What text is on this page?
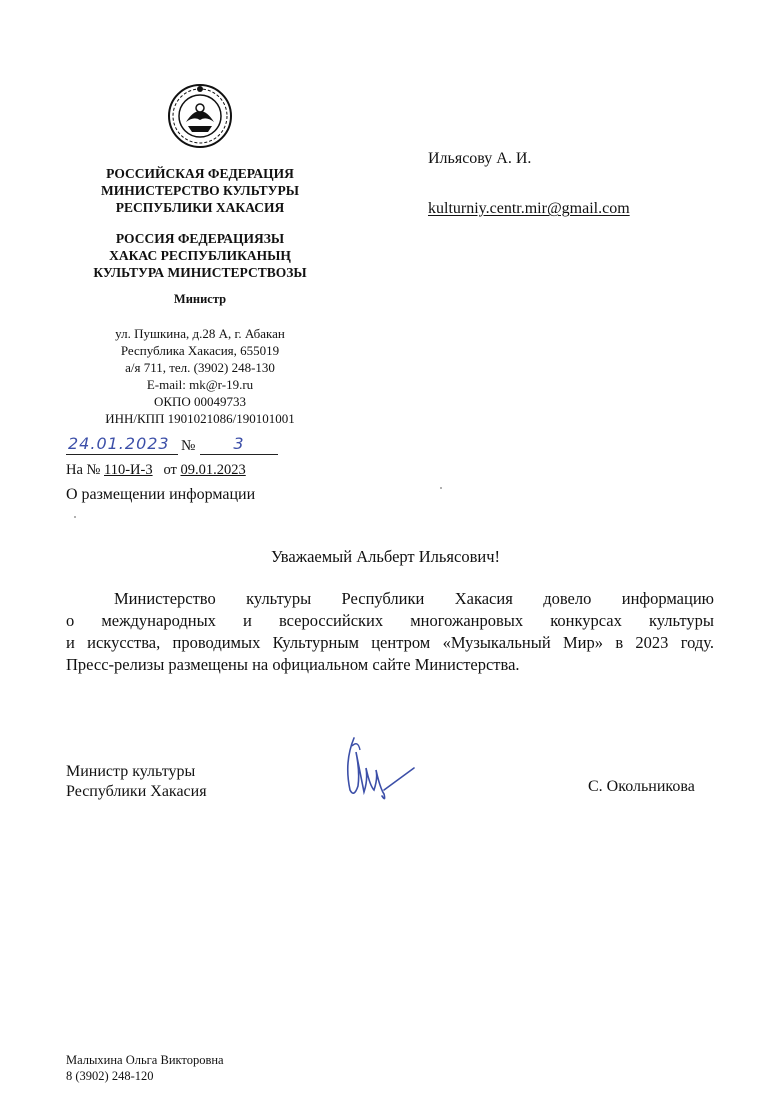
РОССИЙСКАЯ ФЕДЕРАЦИЯ
МИНИСТЕРСТВО КУЛЬТУРЫ
РЕСПУБЛИКИ ХАКАСИЯ
РОССИЯ ФЕДЕРАЦИЯЗЫ
ХАКАС РЕСПУБЛИКАНЫҢ
КУЛЬТУРА МИНИСТЕРСТВОЗЫ
Министр
ул. Пушкина, д.28 А, г. Абакан
Республика Хакасия, 655019
а/я 711, тел. (3902) 248-130
E-mail: mk@r-19.ru
ОКПО 00049733
ИНН/КПП 1901021086/190101001
Ильясову А. И.
kulturniy.centr.mir@gmail.com
24.01.2023 №	3
На № 110-И-3 от 09.01.2023
О размещении информации
Уважаемый Альберт Ильясович!
Министерство культуры Республики Хакасия довело информацию
о международных и всероссийских многожанровых конкурсах культуры
и искусства, проводимых Культурным центром «Музыкальный Мир» в 2023 году.
Пресс-релизы размещены на официальном сайте Министерства.
Министр культуры
Республики Хакасия	С. Окольникова
Малыхина Ольга Викторовна
8 (3902) 248-120
